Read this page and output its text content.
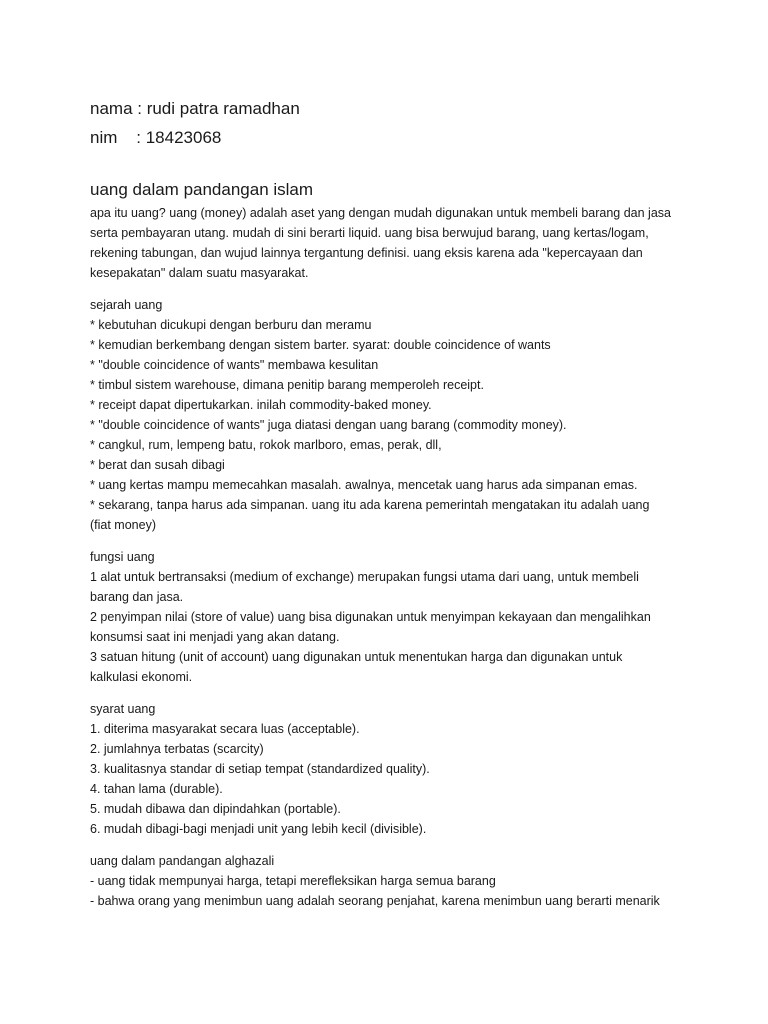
nama : rudi patra ramadhan

nim    : 18423068

uang dalam pandangan islam

apa itu uang? uang (money) adalah aset yang dengan mudah digunakan untuk membeli barang dan jasa

serta pembayaran utang. mudah di sini berarti liquid. uang bisa berwujud barang, uang kertas/logam,

rekening tabungan, dan wujud lainnya tergantung definisi. uang eksis karena ada "kepercayaan dan

kesepakatan" dalam suatu masyarakat.

sejarah uang

* kebutuhan dicukupi dengan berburu dan meramu

* kemudian berkembang dengan sistem barter. syarat: double coincidence of wants

* "double coincidence of wants" membawa kesulitan

* timbul sistem warehouse, dimana penitip barang memperoleh receipt.

* receipt dapat dipertukarkan. inilah commodity-baked money.

* "double coincidence of wants" juga diatasi dengan uang barang (commodity money).

* cangkul, rum, lempeng batu, rokok marlboro, emas, perak, dll,

* berat dan susah dibagi

* uang kertas mampu memecahkan masalah. awalnya, mencetak uang harus ada simpanan emas.

* sekarang, tanpa harus ada simpanan. uang itu ada karena pemerintah mengatakan itu adalah uang

(fiat money)

fungsi uang

1 alat untuk bertransaksi (medium of exchange) merupakan fungsi utama dari uang, untuk membeli

barang dan jasa.

2 penyimpan nilai (store of value) uang bisa digunakan untuk menyimpan kekayaan dan mengalihkan

konsumsi saat ini menjadi yang akan datang.

3 satuan hitung (unit of account) uang digunakan untuk menentukan harga dan digunakan untuk

kalkulasi ekonomi.

syarat uang

1. diterima masyarakat secara luas (acceptable).

2. jumlahnya terbatas (scarcity)

3. kualitasnya standar di setiap tempat (standardized quality).

4. tahan lama (durable).

5. mudah dibawa dan dipindahkan (portable).

6. mudah dibagi-bagi menjadi unit yang lebih kecil (divisible).

uang dalam pandangan alghazali

- uang tidak mempunyai harga, tetapi merefleksikan harga semua barang

- bahwa orang yang menimbun uang adalah seorang penjahat, karena menimbun uang berarti menarik
